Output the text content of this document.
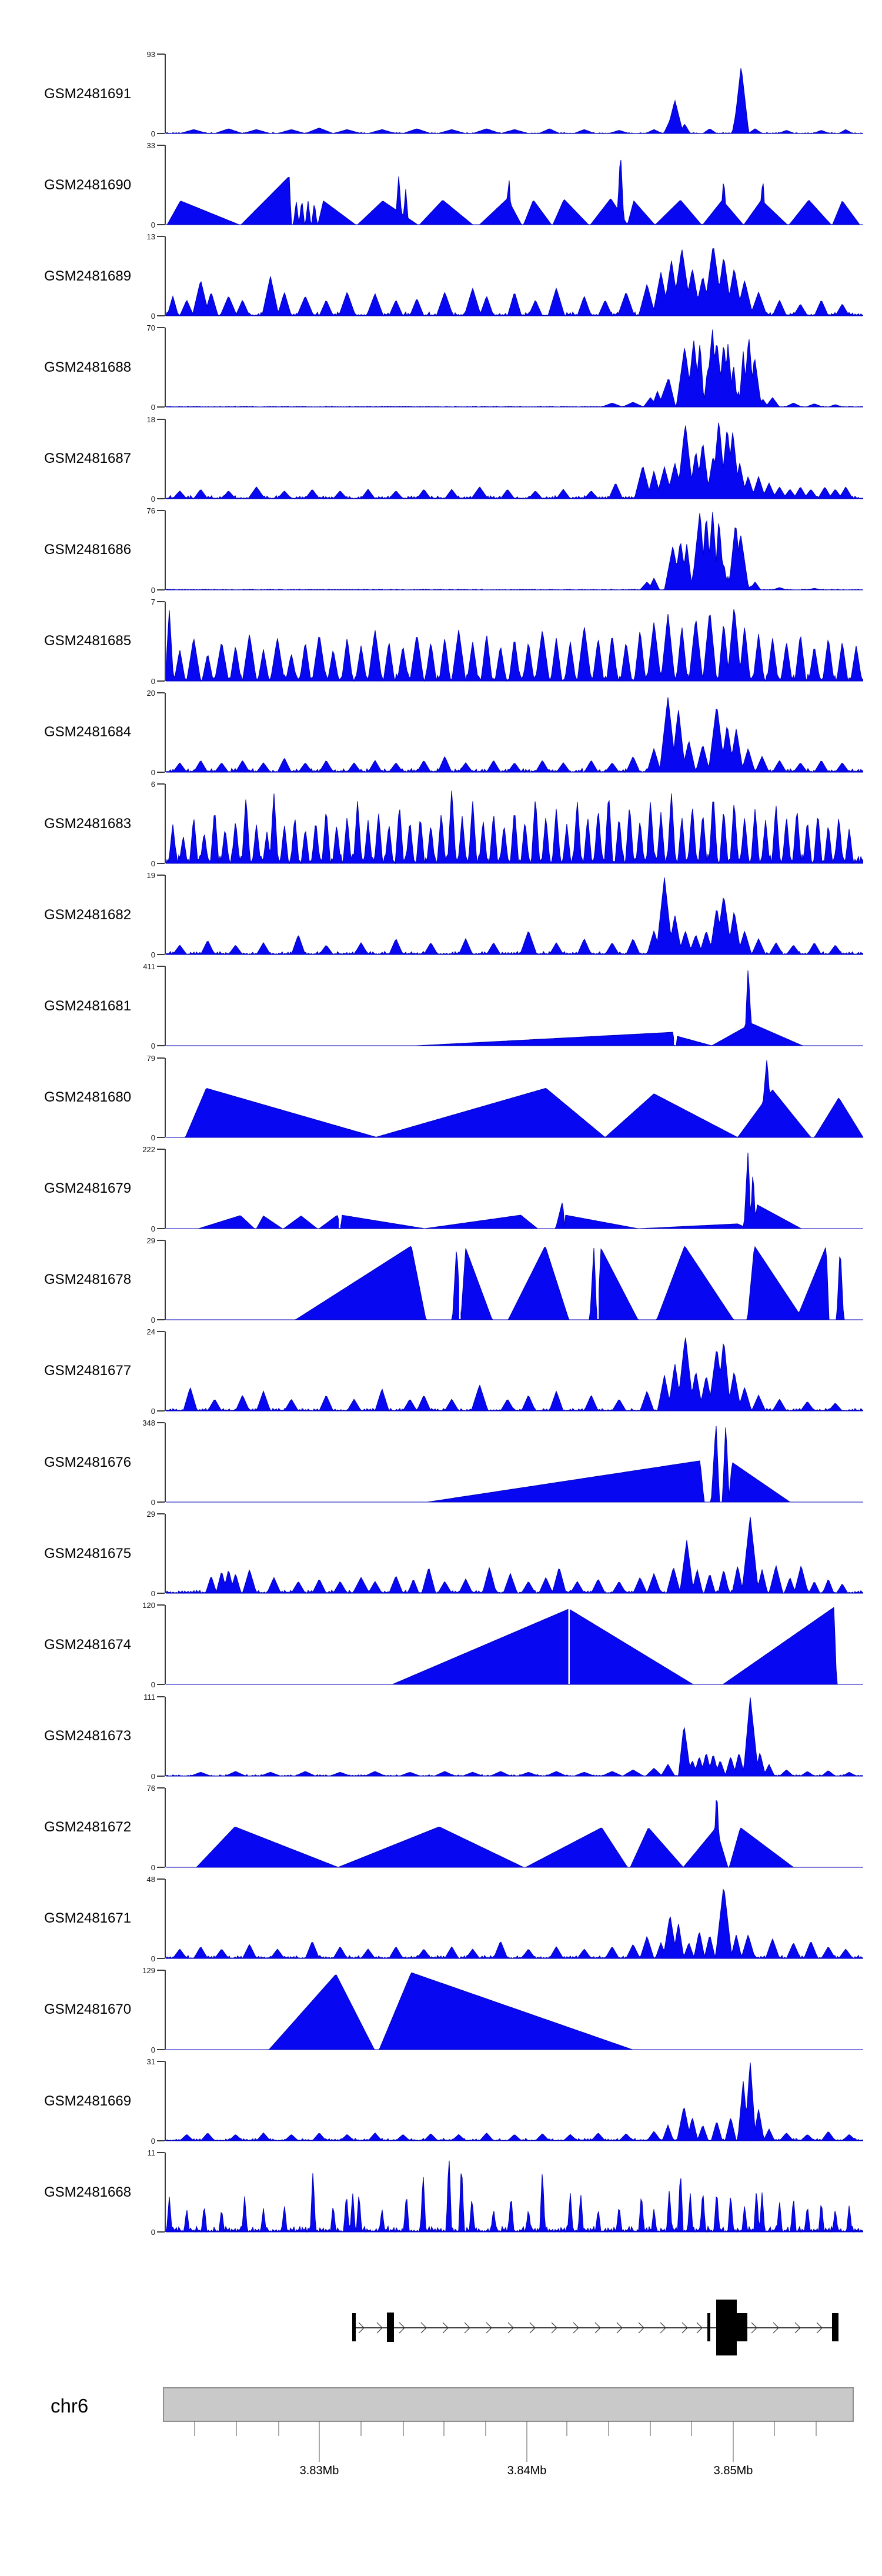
GSM2481691
93
0
GSM2481690
33
0
GSM2481689
13
0
GSM2481688
70
0
GSM2481687
18
0
GSM2481686
76
0
GSM2481685
7
0
GSM2481684
20
0
GSM2481683
6
0
GSM2481682
19
0
GSM2481681
411
0
GSM2481680
79
0
GSM2481679
222
0
GSM2481678
29
0
GSM2481677
24
0
GSM2481676
348
0
GSM2481675
29
0
GSM2481674
120
0
GSM2481673
111
0
GSM2481672
76
0
GSM2481671
48
0
GSM2481670
129
0
GSM2481669
31
0
GSM2481668
11
0
chr6
3.83Mb	3.84Mb	3.85Mb
